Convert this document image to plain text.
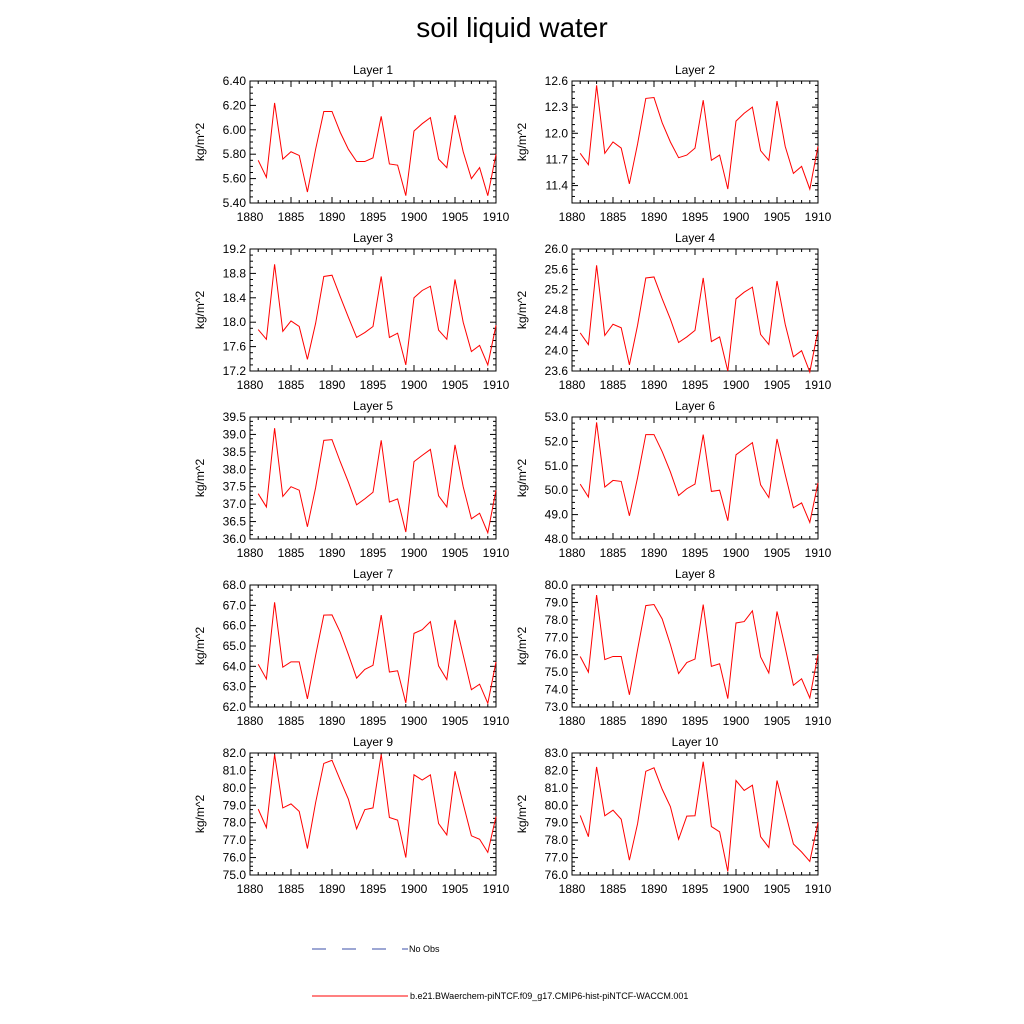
soil liquid water
Layer 1
kg/m^2
1880 1885 1890 1895 1900 1905 1910
5.40
5.60
5.80
6.00
6.20
6.40
Layer 2
kg/m^2
1880 1885 1890 1895 1900 1905 1910
11.4
11.7
12.0
12.3
12.6
Layer 3
kg/m^2
1880 1885 1890 1895 1900 1905 1910
17.2
17.6
18.0
18.4
18.8
19.2
Layer 4
kg/m^2
1880 1885 1890 1895 1900 1905 1910
23.6
24.0
24.4
24.8
25.2
25.6
26.0
Layer 5
kg/m^2
1880 1885 1890 1895 1900 1905 1910
36.0
36.5
37.0
37.5
38.0
38.5
39.0
39.5
Layer 6
kg/m^2
1880 1885 1890 1895 1900 1905 1910
48.0
49.0
50.0
51.0
52.0
53.0
Layer 7
kg/m^2
1880 1885 1890 1895 1900 1905 1910
62.0
63.0
64.0
65.0
66.0
67.0
68.0
Layer 8
kg/m^2
1880 1885 1890 1895 1900 1905 1910
73.0
74.0
75.0
76.0
77.0
78.0
79.0
80.0
Layer 9
kg/m^2
1880 1885 1890 1895 1900 1905 1910
75.0
76.0
77.0
78.0
79.0
80.0
81.0
82.0
Layer 10
kg/m^2
1880 1885 1890 1895 1900 1905 1910
76.0
77.0
78.0
79.0
80.0
81.0
82.0
83.0
No Obs
b.e21.BWaerchem-piNTCF.f09_g17.CMIP6-hist-piNTCF-WACCM.001
